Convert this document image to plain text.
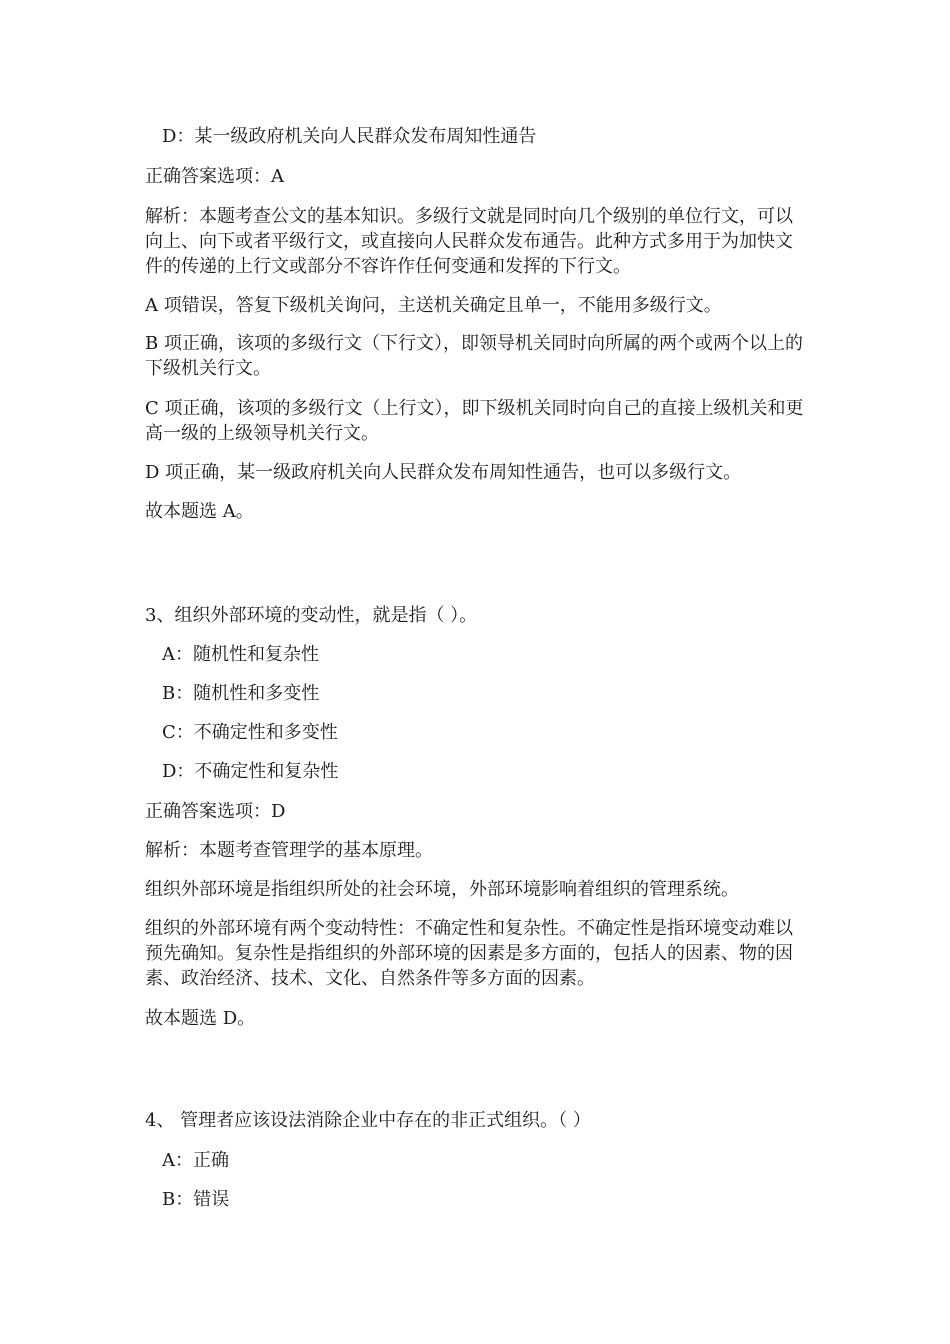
D：某一级政府机关向人民群众发布周知性通告
正确答案选项：A
解析：本题考查公文的基本知识。多级行文就是同时向几个级别的单位行文，可以向上、向下或者平级行文，或直接向人民群众发布通告。此种方式多用于为加快文件的传递的上行文或部分不容许作任何变通和发挥的下行文。
A 项错误，答复下级机关询问，主送机关确定且单一，不能用多级行文。
B 项正确，该项的多级行文（下行文），即领导机关同时向所属的两个或两个以上的下级机关行文。
C 项正确，该项的多级行文（上行文），即下级机关同时向自己的直接上级机关和更高一级的上级领导机关行文。
D 项正确，某一级政府机关向人民群众发布周知性通告，也可以多级行文。
故本题选 A。
3、组织外部环境的变动性，就是指（ ）。
A：随机性和复杂性
B：随机性和多变性
C：不确定性和多变性
D：不确定性和复杂性
正确答案选项：D
解析：本题考查管理学的基本原理。
组织外部环境是指组织所处的社会环境，外部环境影响着组织的管理系统。
组织的外部环境有两个变动特性：不确定性和复杂性。不确定性是指环境变动难以预先确知。复杂性是指组织的外部环境的因素是多方面的，包括人的因素、物的因素、政治经济、技术、文化、自然条件等多方面的因素。
故本题选 D。
4、 管理者应该设法消除企业中存在的非正式组织。（ ）
A：正确
B：错误
